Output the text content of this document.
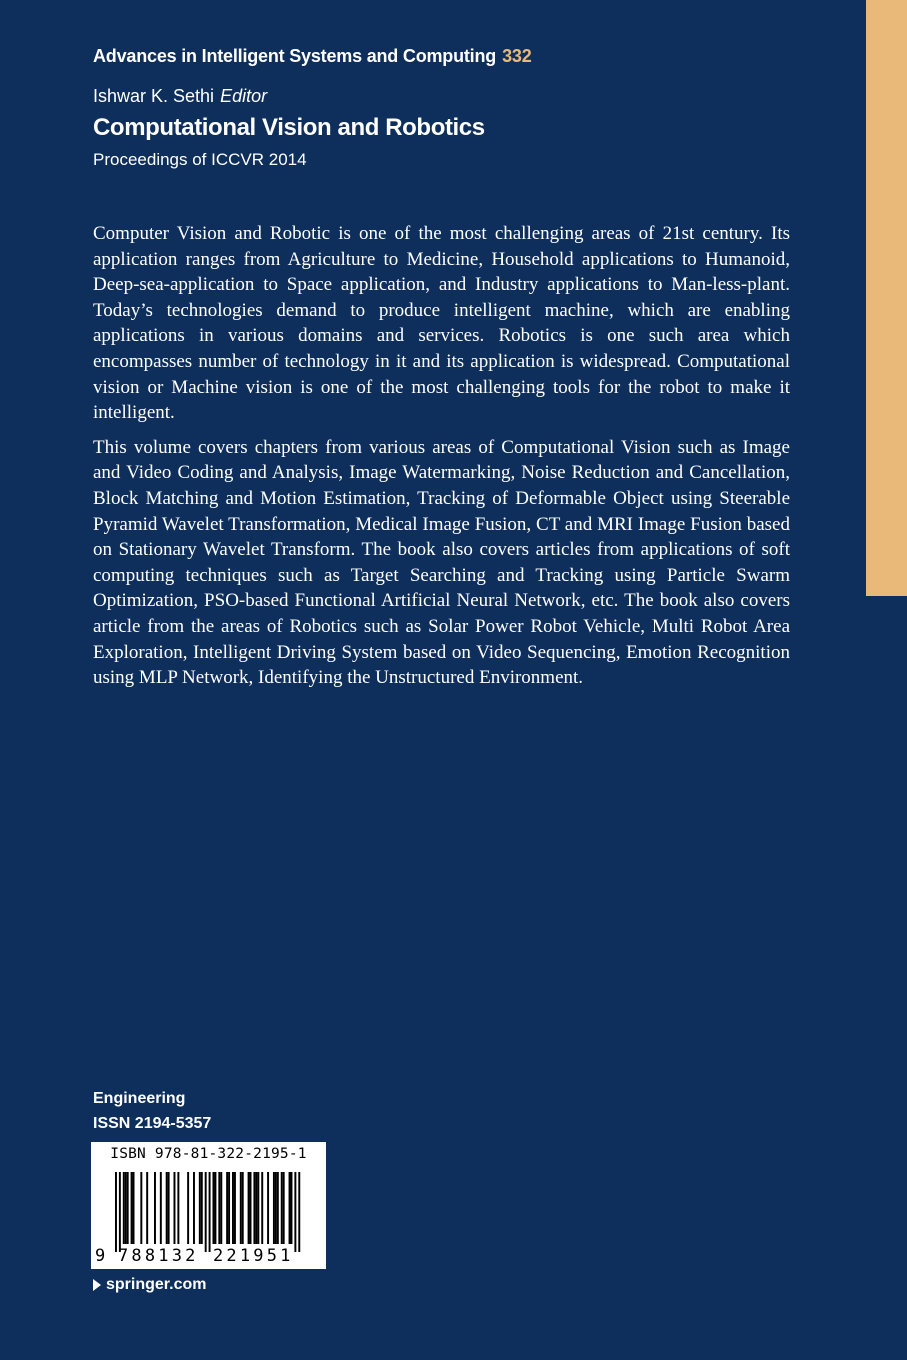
Advances in Intelligent Systems and Computing 332
Ishwar K. Sethi Editor
Computational Vision and Robotics
Proceedings of ICCVR 2014

Computer Vision and Robotic is one of the most challenging areas of 21st century. Its application ranges from Agriculture to Medicine, Household applications to Humanoid, Deep-sea-application to Space application, and Industry applications to Man-less-plant. Today’s technologies demand to produce intelligent machine, which are enabling applications in various domains and services. Robotics is one such area which encompasses number of technology in it and its application is widespread. Computational vision or Machine vision is one of the most challenging tools for the robot to make it intelligent.

This volume covers chapters from various areas of Computational Vision such as Image and Video Coding and Analysis, Image Watermarking, Noise Reduction and Cancellation, Block Matching and Motion Estimation, Tracking of Deformable Object using Steerable Pyramid Wavelet Transformation, Medical Image Fusion, CT and MRI Image Fusion based on Stationary Wavelet Transform. The book also covers articles from applications of soft computing techniques such as Target Searching and Tracking using Particle Swarm Optimization, PSO-based Functional Artificial Neural Network, etc. The book also covers article from the areas of Robotics such as Solar Power Robot Vehicle, Multi Robot Area Exploration, Intelligent Driving System based on Video Sequencing, Emotion Recognition using MLP Network, Identifying the Unstructured Environment.

Engineering
ISSN 2194-5357
ISBN 978-81-322-2195-1
9 788132 221951
springer.com
